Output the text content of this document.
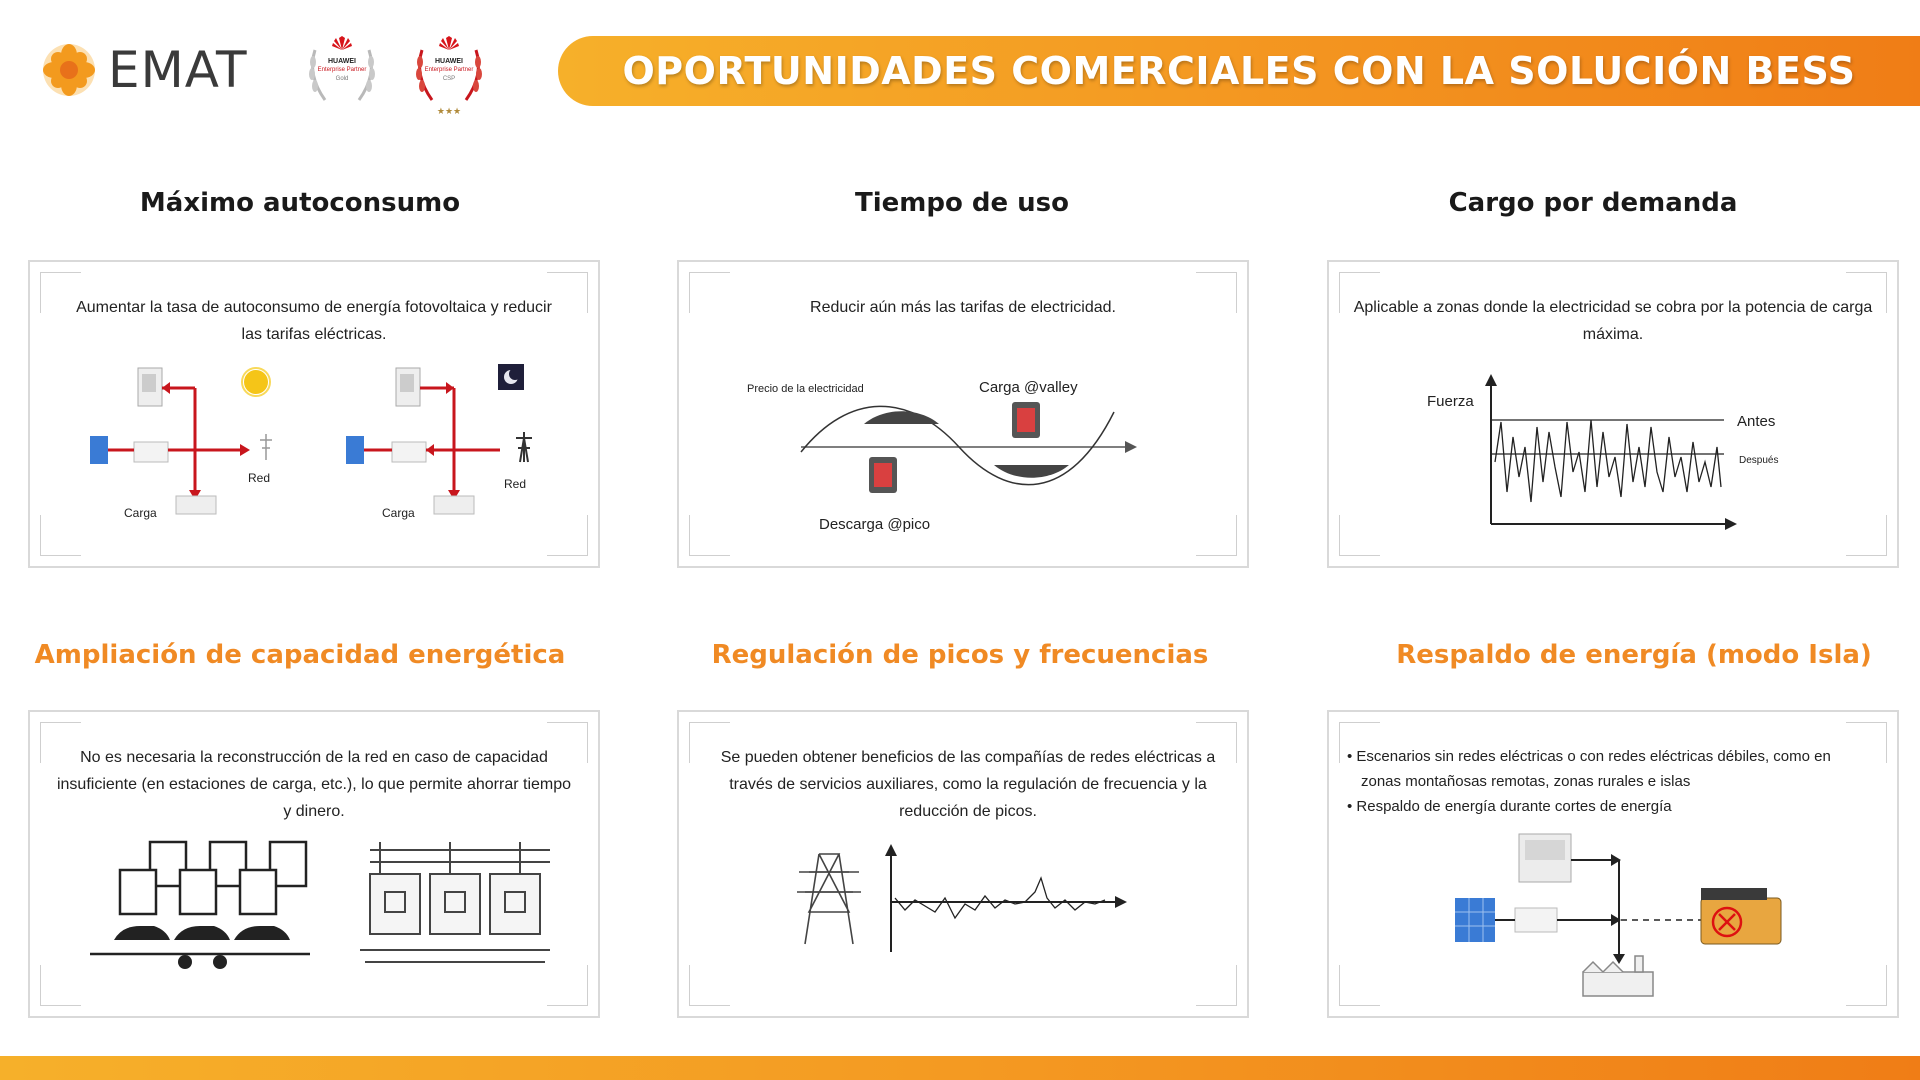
EMAT	HUAWEI
Enterprise Partner
Gold
★★★
HUAWEI
Enterprise Partner
CSP	OPORTUNIDADES COMERCIALES CON LA SOLUCIÓN BESS
Máximo autoconsumo	Tiempo de uso	Cargo por demanda
Ampliación de capacidad energética	Regulación de picos y frecuencias	Respaldo de energía (modo Isla)
Aumentar la tasa de autoconsumo de energía fotovoltaica y reducir las tarifas eléctricas.
Carga
Red
Carga
Red
Reducir aún más las tarifas de electricidad.
Precio de la electricidad	Carga @valley
Descarga @pico
Aplicable a zonas donde la electricidad se cobra por la potencia de carga máxima.
Fuerza
Antes
Después
No es necesaria la reconstrucción de la red en caso de capacidad insuficiente (en estaciones de carga, etc.), lo que permite ahorrar tiempo y dinero.
Se pueden obtener beneficios de las compañías de redes eléctricas a través de servicios auxiliares, como la regulación de frecuencia y la reducción de picos.
• Escenarios sin redes eléctricas o con redes eléctricas débiles, como en zonas montañosas remotas, zonas rurales e islas
• Respaldo de energía durante cortes de energía
